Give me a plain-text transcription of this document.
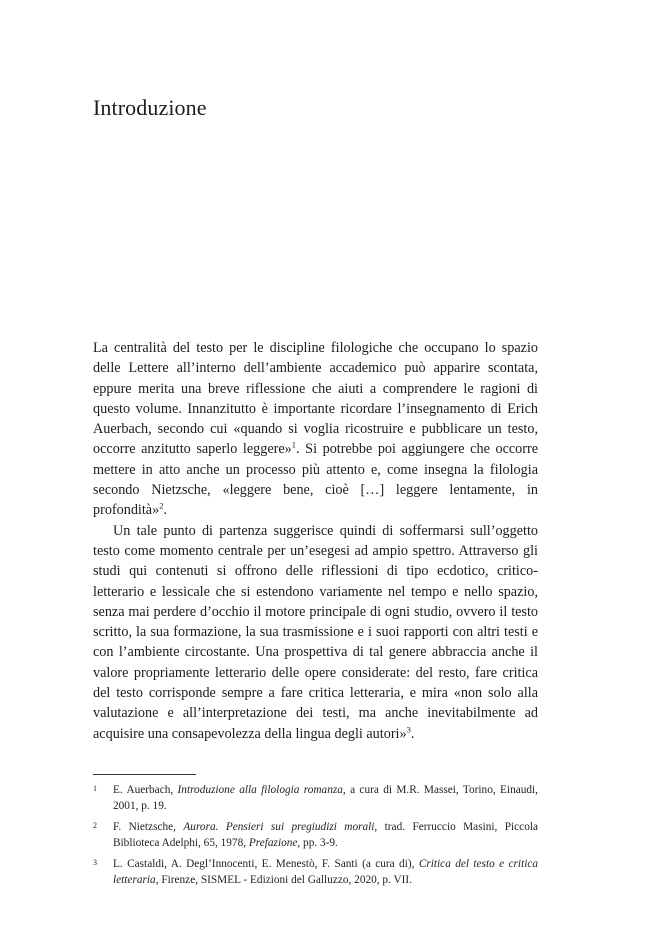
Introduzione

La centralità del testo per le discipline filologiche che occupano lo spazio delle Lettere all’interno dell’ambiente accademico può apparire scontata, eppure merita una breve riflessione che aiuti a comprendere le ragioni di questo volume. Innanzitutto è importante ricordare l’insegnamento di Erich Auerbach, secondo cui «quando si voglia ricostruire e pubblicare un testo, occorre anzitutto saperlo leggere»$^1$. Si potrebbe poi aggiungere che occorre mettere in atto anche un processo più attento e, come insegna la filologia secondo Nietzsche, «leggere bene, cioè […] leggere lentamente, in profondità»$^2$.

Un tale punto di partenza suggerisce quindi di soffermarsi sull’oggetto testo come momento centrale per un’esegesi ad ampio spettro. Attraverso gli studi qui contenuti si offrono delle riflessioni di tipo ecdotico, critico-letterario e lessicale che si estendono variamente nel tempo e nello spazio, senza mai perdere d’occhio il motore principale di ogni studio, ovvero il testo scritto, la sua formazione, la sua trasmissione e i suoi rapporti con altri testi e con l’ambiente circostante. Una prospettiva di tal genere abbraccia anche il valore propriamente letterario delle opere considerate: del resto, fare critica del testo corrisponde sempre a fare critica letteraria, e mira «non solo alla valutazione e all’interpretazione dei testi, ma anche inevitabilmente ad acquisire una consapevolezza della lingua degli autori»$^3$.

1 E. Auerbach, Introduzione alla filologia romanza, a cura di M.R. Massei, Torino, Einaudi, 2001, p. 19.
2 F. Nietzsche, Aurora. Pensieri sui pregiudizi morali, trad. Ferruccio Masini, Piccola Biblioteca Adelphi, 65, 1978, Prefazione, pp. 3-9.
3 L. Castaldi, A. Degl’Innocenti, E. Menestò, F. Santi (a cura di), Critica del testo e critica letteraria, Firenze, SISMEL - Edizioni del Galluzzo, 2020, p. VII.
